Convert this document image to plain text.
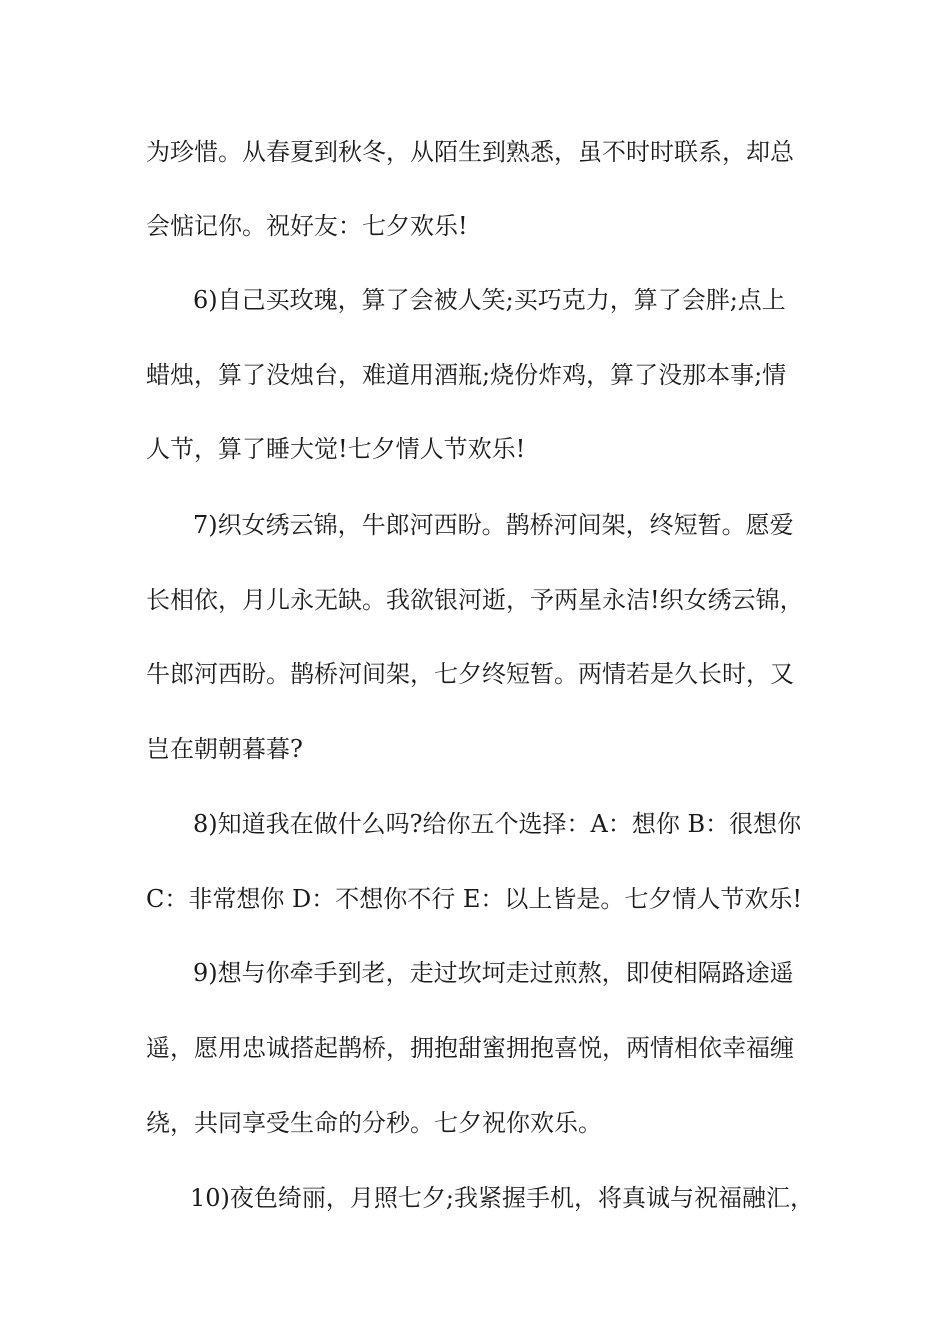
为珍惜。从春夏到秋冬，从陌生到熟悉，虽不时时联系，却总
会惦记你。祝好友：七夕欢乐!
6)自己买玫瑰，算了会被人笑;买巧克力，算了会胖;点上
蜡烛，算了没烛台，难道用酒瓶;烧份炸鸡，算了没那本事;情
人节，算了睡大觉!七夕情人节欢乐!
7)织女绣云锦，牛郎河西盼。鹊桥河间架，终短暂。愿爱
长相依，月儿永无缺。我欲银河逝，予两星永洁!织女绣云锦，
牛郎河西盼。鹊桥河间架，七夕终短暂。两情若是久长时，又
岂在朝朝暮暮?
8)知道我在做什么吗?给你五个选择：A：想你 B：很想你
C：非常想你 D：不想你不行 E：以上皆是。七夕情人节欢乐!
9)想与你牵手到老，走过坎坷走过煎熬，即使相隔路途遥
遥，愿用忠诚搭起鹊桥，拥抱甜蜜拥抱喜悦，两情相依幸福缠
绕，共同享受生命的分秒。七夕祝你欢乐。
10)夜色绮丽，月照七夕;我紧握手机，将真诚与祝福融汇，
